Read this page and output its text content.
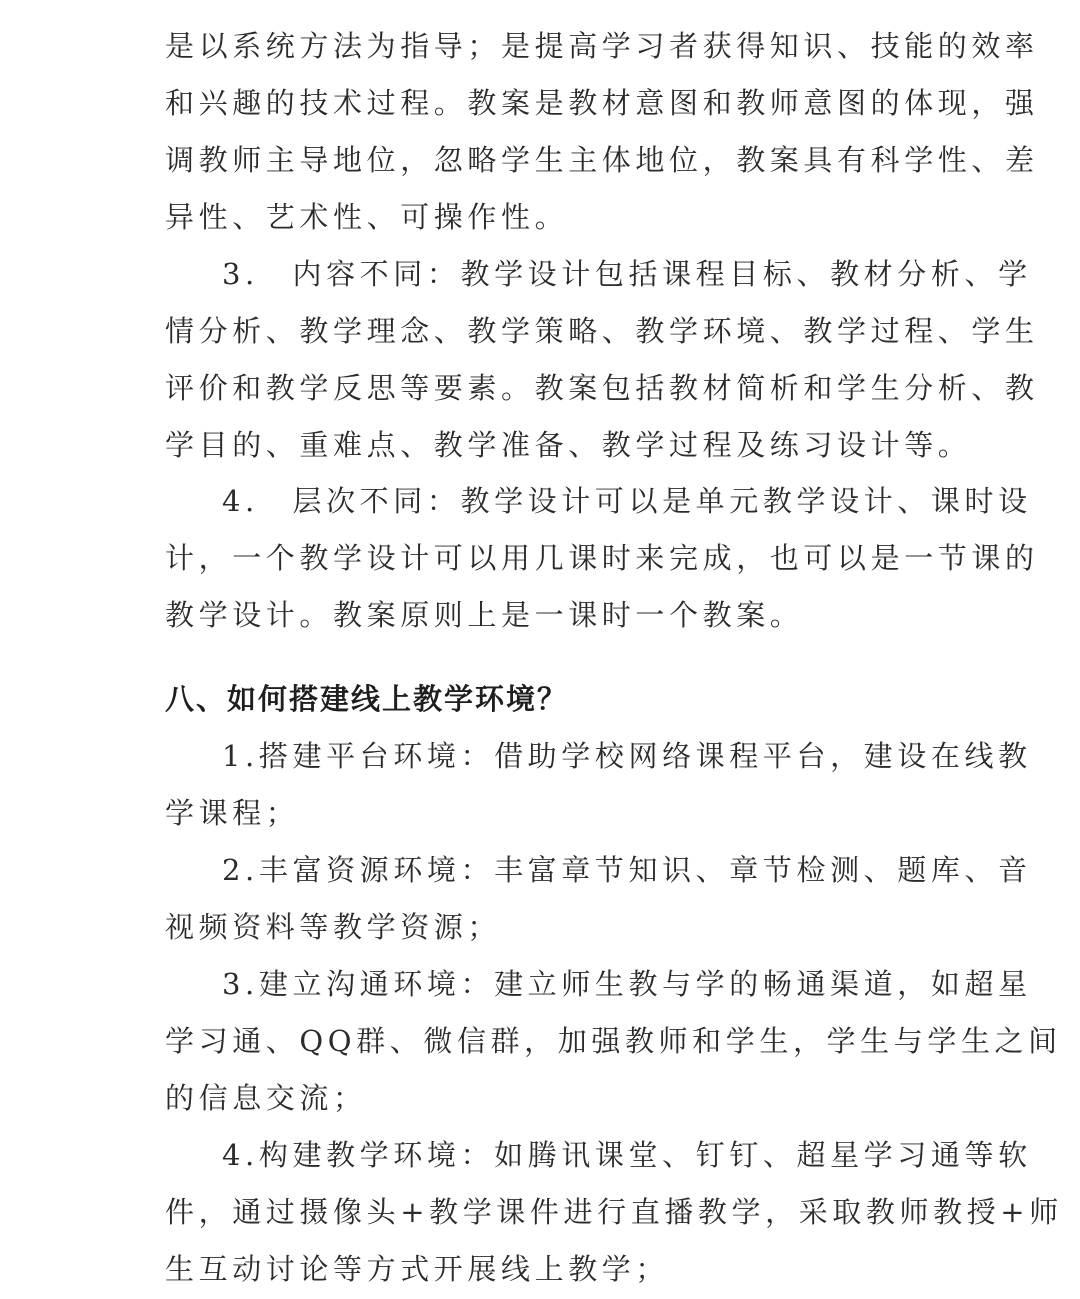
是以系统方法为指导；是提高学习者获得知识、技能的效率
和兴趣的技术过程。教案是教材意图和教师意图的体现，强
调教师主导地位，忽略学生主体地位，教案具有科学性、差
异性、艺术性、可操作性。
3.　内容不同：教学设计包括课程目标、教材分析、学
情分析、教学理念、教学策略、教学环境、教学过程、学生
评价和教学反思等要素。教案包括教材简析和学生分析、教
学目的、重难点、教学准备、教学过程及练习设计等。
4.　层次不同：教学设计可以是单元教学设计、课时设
计，一个教学设计可以用几课时来完成，也可以是一节课的
教学设计。教案原则上是一课时一个教案。
八、如何搭建线上教学环境？
1.搭建平台环境：借助学校网络课程平台，建设在线教
学课程；
2.丰富资源环境：丰富章节知识、章节检测、题库、音
视频资料等教学资源；
3.建立沟通环境：建立师生教与学的畅通渠道，如超星
学习通、QQ群、微信群，加强教师和学生，学生与学生之间
的信息交流；
4.构建教学环境：如腾讯课堂、钉钉、超星学习通等软
件，通过摄像头+教学课件进行直播教学，采取教师教授+师
生互动讨论等方式开展线上教学；
